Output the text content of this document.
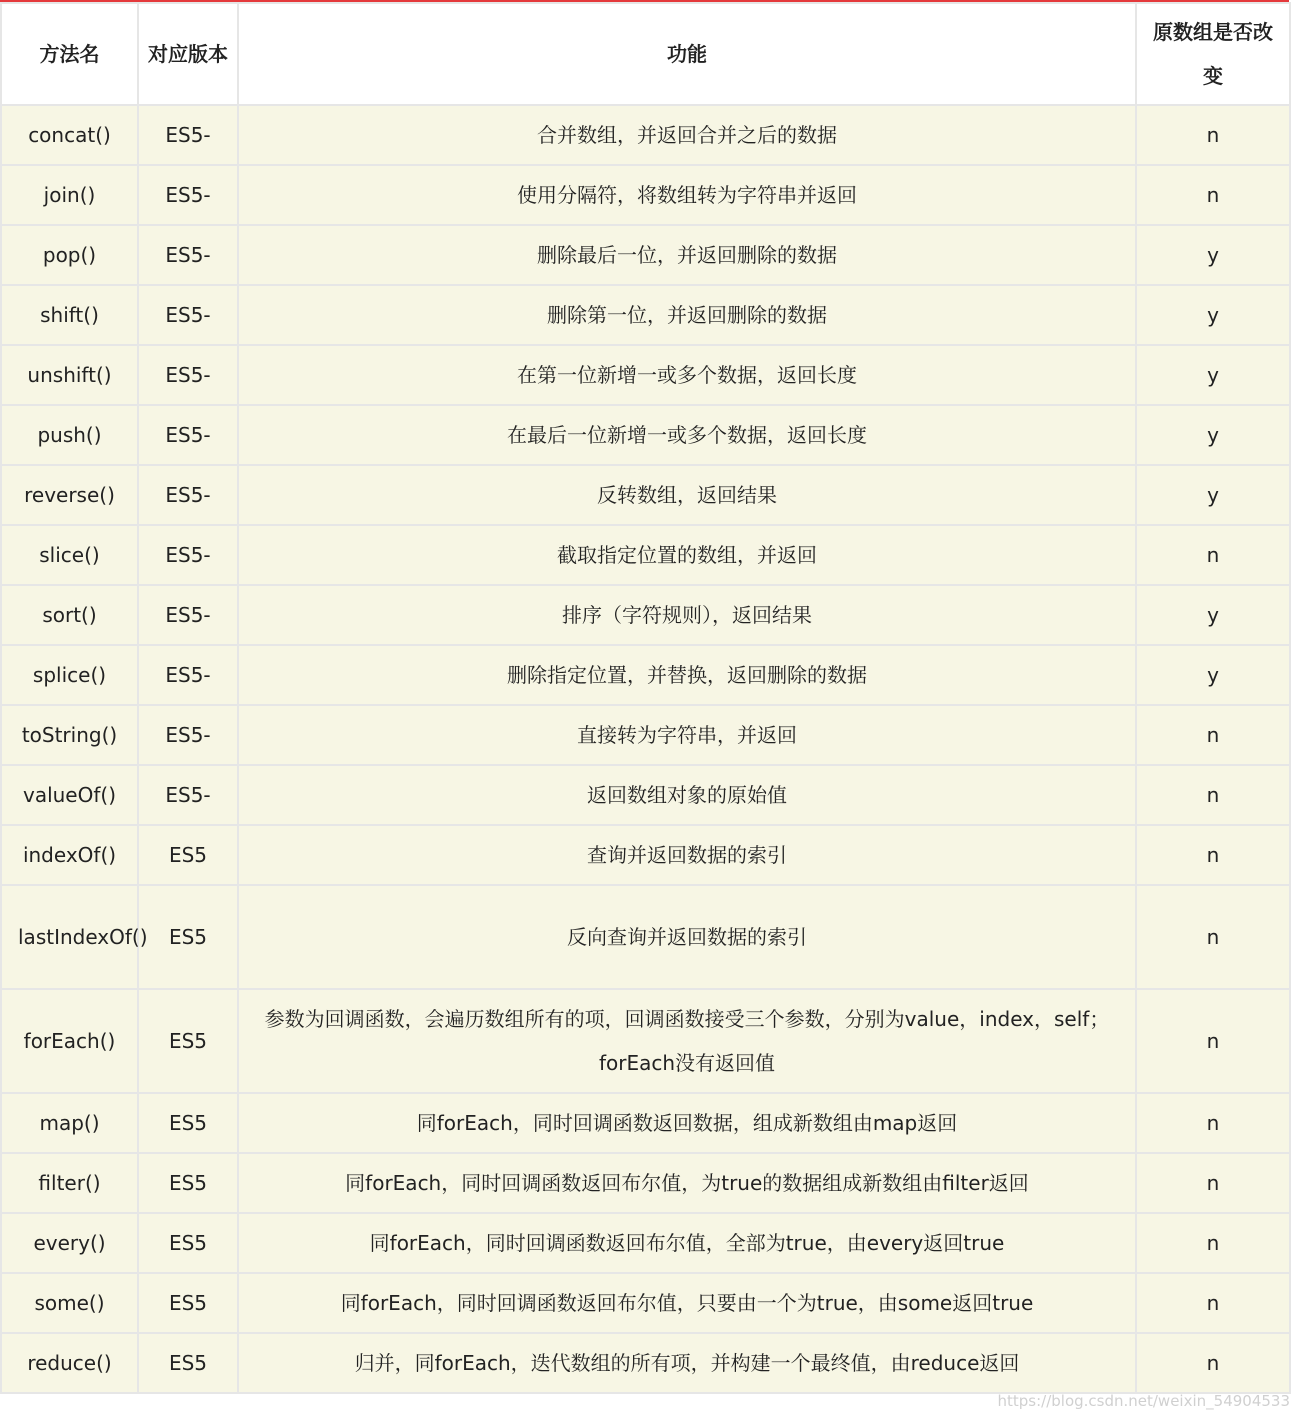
方法名	对应版本	功能	原数组是否改变
concat()	ES5-	合并数组，并返回合并之后的数据	n
join()	ES5-	使用分隔符，将数组转为字符串并返回	n
pop()	ES5-	删除最后一位，并返回删除的数据	y
shift()	ES5-	删除第一位，并返回删除的数据	y
unshift()	ES5-	在第一位新增一或多个数据，返回长度	y
push()	ES5-	在最后一位新增一或多个数据，返回长度	y
reverse()	ES5-	反转数组，返回结果	y
slice()	ES5-	截取指定位置的数组，并返回	n
sort()	ES5-	排序（字符规则），返回结果	y
splice()	ES5-	删除指定位置，并替换，返回删除的数据	y
toString()	ES5-	直接转为字符串，并返回	n
valueOf()	ES5-	返回数组对象的原始值	n
indexOf()	ES5	查询并返回数据的索引	n
lastIndexOf()	ES5	反向查询并返回数据的索引	n
forEach()	ES5	参数为回调函数，会遍历数组所有的项，回调函数接受三个参数，分别为value，index，self；forEach没有返回值	n
map()	ES5	同forEach，同时回调函数返回数据，组成新数组由map返回	n
filter()	ES5	同forEach，同时回调函数返回布尔值，为true的数据组成新数组由filter返回	n
every()	ES5	同forEach，同时回调函数返回布尔值，全部为true，由every返回true	n
some()	ES5	同forEach，同时回调函数返回布尔值，只要由一个为true，由some返回true	n
reduce()	ES5	归并，同forEach，迭代数组的所有项，并构建一个最终值，由reduce返回	n
https://blog.csdn.net/weixin_54904533
